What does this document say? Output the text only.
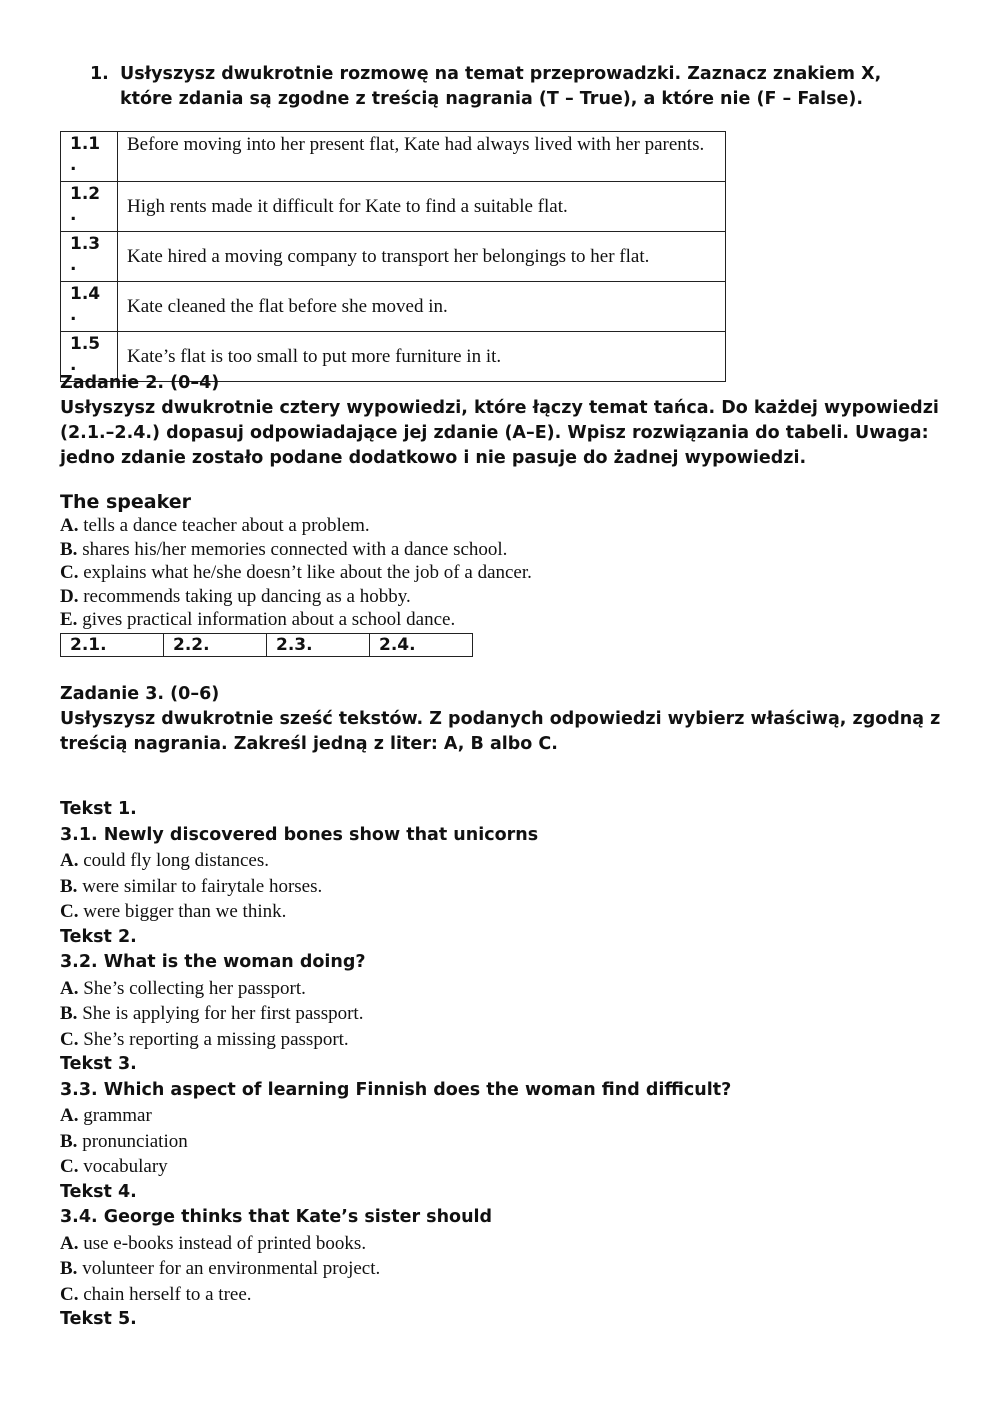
1. Usłyszysz dwukrotnie rozmowę na temat przeprowadzki. Zaznacz znakiem X, które zdania są zgodne z treścią nagrania (T – True), a które nie (F – False).
1.1
.	Before moving into her present flat, Kate had always lived with her parents.
1.2
.	High rents made it difficult for Kate to find a suitable flat.
1.3
.	Kate hired a moving company to transport her belongings to her flat.
1.4
.	Kate cleaned the flat before she moved in.
1.5
.	Kate’s flat is too small to put more furniture in it.
Zadanie 2. (0–4)
Usłyszysz dwukrotnie cztery wypowiedzi, które łączy temat tańca. Do każdej wypowiedzi (2.1.–2.4.) dopasuj odpowiadające jej zdanie (A–E). Wpisz rozwiązania do tabeli. Uwaga: jedno zdanie zostało podane dodatkowo i nie pasuje do żadnej wypowiedzi.
The speaker
A. tells a dance teacher about a problem.
B. shares his/her memories connected with a dance school.
C. explains what he/she doesn’t like about the job of a dancer.
D. recommends taking up dancing as a hobby.
E. gives practical information about a school dance.
2.1.	2.2.	2.3.	2.4.
Zadanie 3. (0–6)
Usłyszysz dwukrotnie sześć tekstów. Z podanych odpowiedzi wybierz właściwą, zgodną z treścią nagrania. Zakreśl jedną z liter: A, B albo C.
Tekst 1.
3.1. Newly discovered bones show that unicorns
A. could fly long distances.
B. were similar to fairytale horses.
C. were bigger than we think.
Tekst 2.
3.2. What is the woman doing?
A. She’s collecting her passport.
B. She is applying for her first passport.
C. She’s reporting a missing passport.
Tekst 3.
3.3. Which aspect of learning Finnish does the woman find difficult?
A. grammar
B. pronunciation
C. vocabulary
Tekst 4.
3.4. George thinks that Kate’s sister should
A. use e-books instead of printed books.
B. volunteer for an environmental project.
C. chain herself to a tree.
Tekst 5.
